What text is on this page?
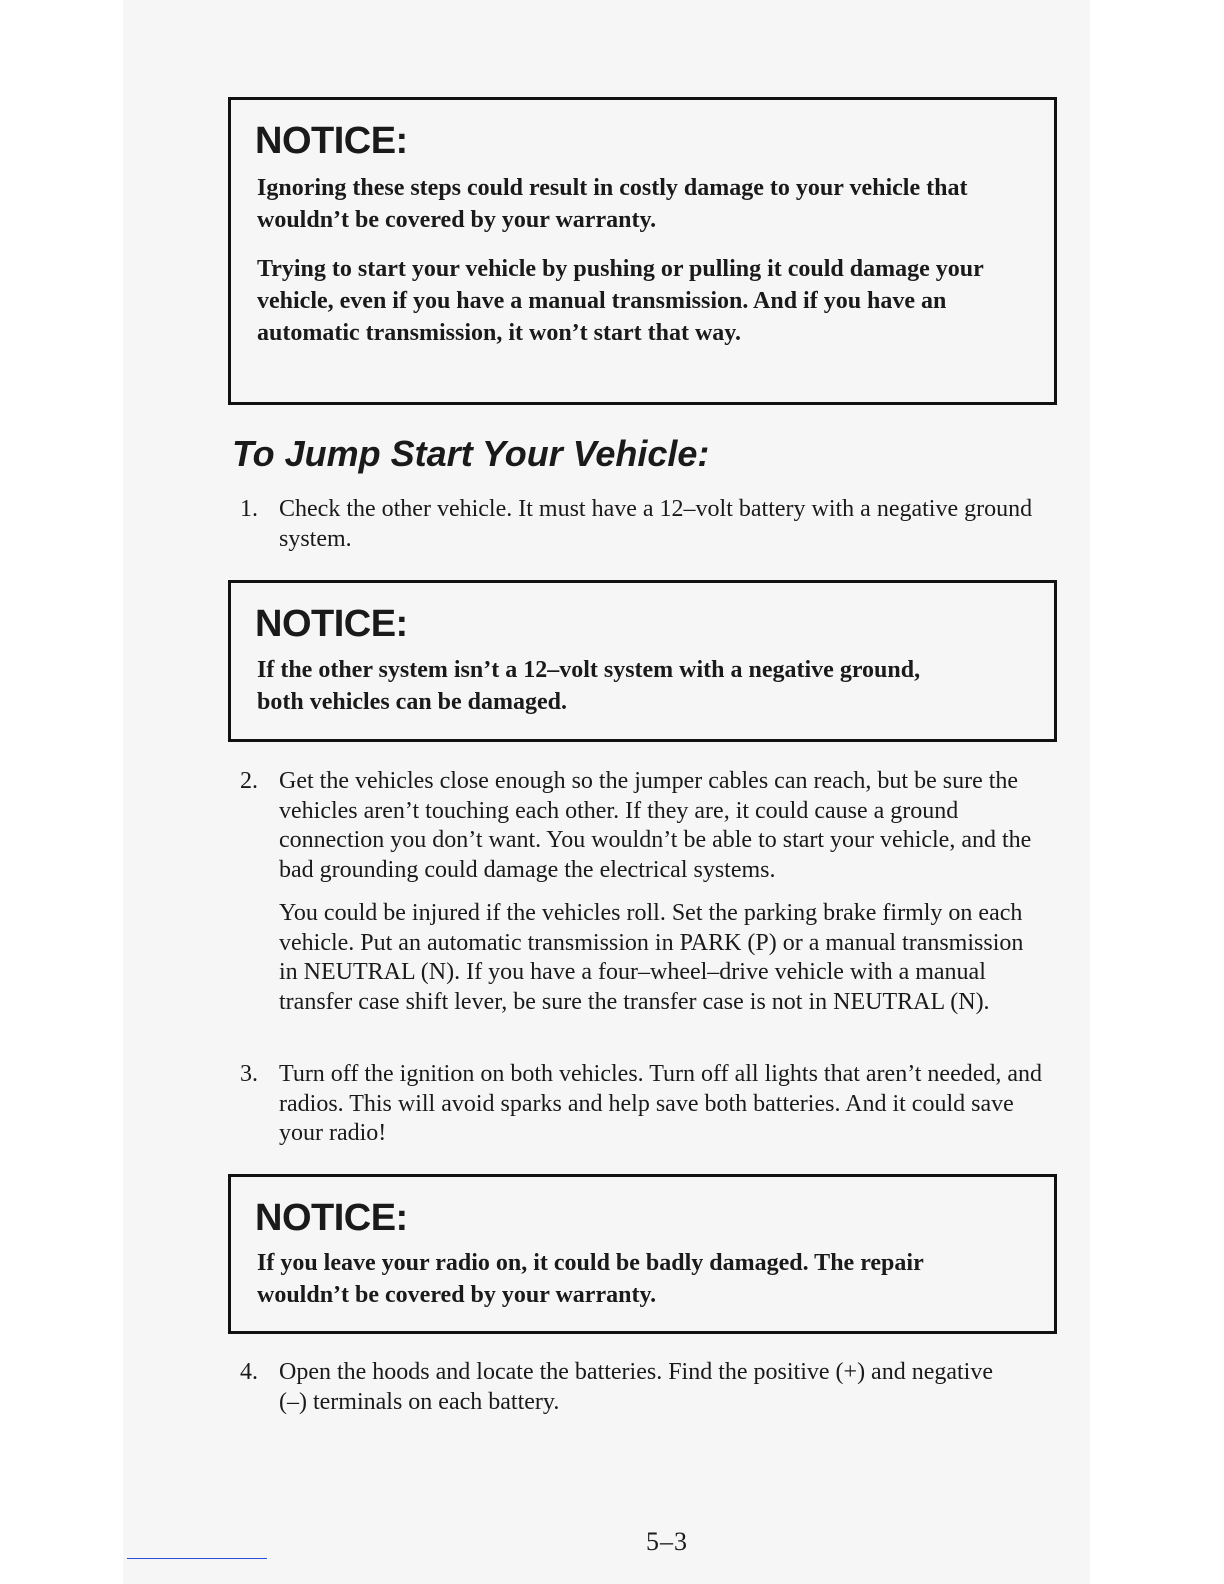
NOTICE:

Ignoring these steps could result in costly damage to your vehicle that wouldn’t be covered by your warranty.

Trying to start your vehicle by pushing or pulling it could damage your vehicle, even if you have a manual transmission. And if you have an automatic transmission, it won’t start that way.

To Jump Start Your Vehicle:
1. Check the other vehicle. It must have a 12–volt battery with a negative ground system.
NOTICE:

If the other system isn’t a 12–volt system with a negative ground, both vehicles can be damaged.

2. Get the vehicles close enough so the jumper cables can reach, but be sure the vehicles aren’t touching each other. If they are, it could cause a ground connection you don’t want. You wouldn’t be able to start your vehicle, and the bad grounding could damage the electrical systems.
You could be injured if the vehicles roll. Set the parking brake firmly on each vehicle. Put an automatic transmission in PARK (P) or a manual transmission in NEUTRAL (N). If you have a four–wheel–drive vehicle with a manual transfer case shift lever, be sure the transfer case is not in NEUTRAL (N).
3. Turn off the ignition on both vehicles. Turn off all lights that aren’t needed, and radios. This will avoid sparks and help save both batteries. And it could save your radio!
NOTICE:

If you leave your radio on, it could be badly damaged. The repair wouldn’t be covered by your warranty.

4. Open the hoods and locate the batteries. Find the positive (+) and negative (–) terminals on each battery.
5–3
